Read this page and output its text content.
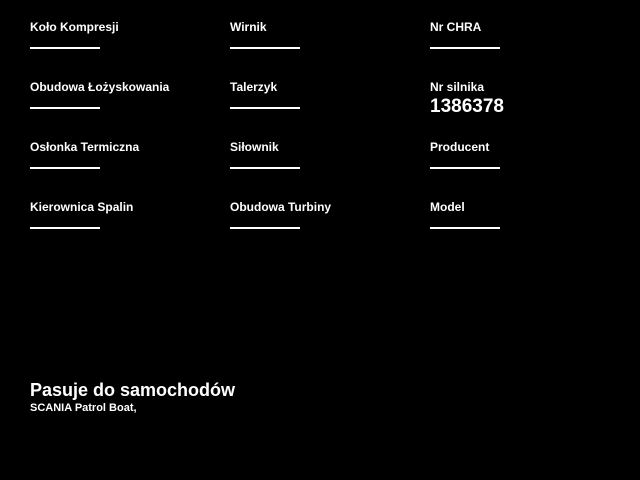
Koło Kompresji	Wirnik	Nr CHRA
Obudowa Łożyskowania	Talerzyk	Nr silnika
1386378
Osłonka Termiczna	Siłownik	Producent
Kierownica Spalin	Obudowa Turbiny	Model
Pasuje do samochodów
SCANIA Patrol Boat,
